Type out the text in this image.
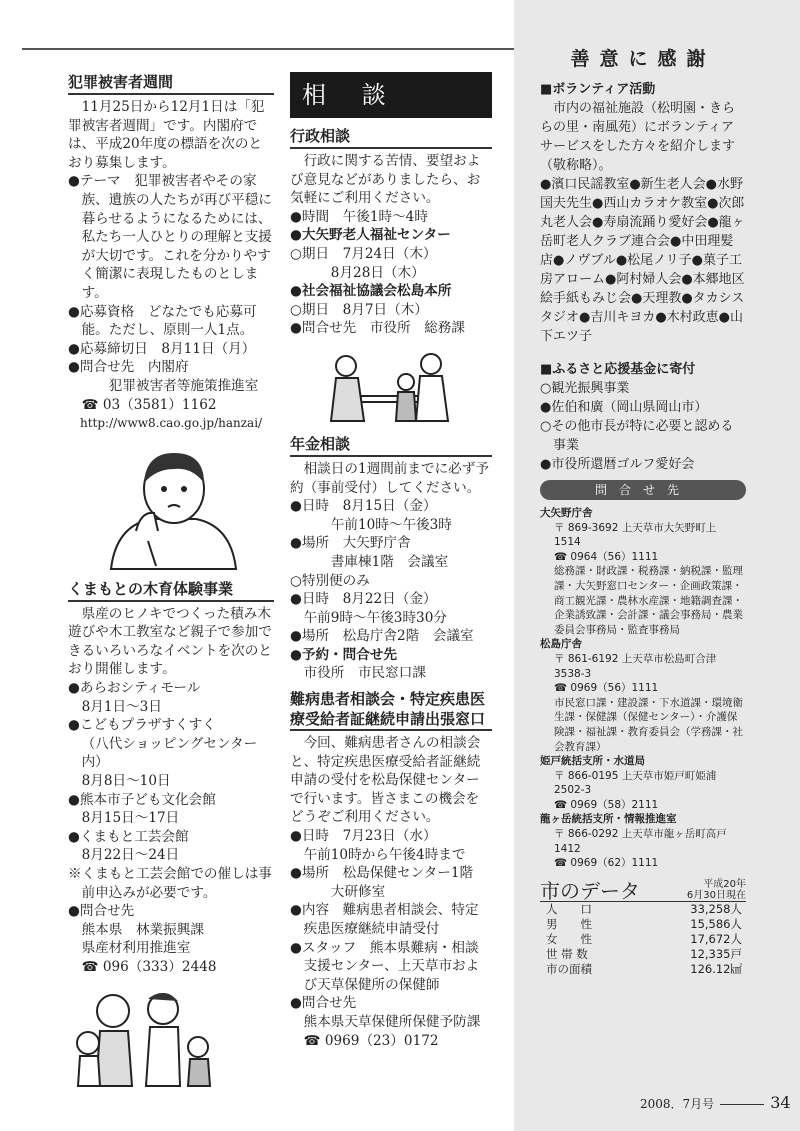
犯罪被害者週間

11月25日から12月1日は「犯罪被害者週間」です。内閣府では、平成20年度の標語を次のとおり募集します。

●テーマ　犯罪被害者やその家族、遺族の人たちが再び平穏に暮らせるようになるためには、私たち一人ひとりの理解と支援が大切です。これを分かりやすく簡潔に表現したものとします。

●応募資格　どなたでも応募可能。ただし、原則一人1点。

●応募締切日　8月11日（月）

●問合せ先　内閣府

犯罪被害者等施策推進室

☎ 03（3581）1162

http://www8.cao.go.jp/hanzai/

くまもとの木育体験事業

県産のヒノキでつくった積み木遊びや木工教室など親子で参加できるいろいろなイベントを次のとおり開催します。

●あらおシティモール

8月1日～3日

●こどもプラザすくすく

（八代ショッピングセンター内）

8月8日～10日

●熊本市子ども文化会館

8月15日～17日

●くまもと工芸会館

8月22日～24日

※くまもと工芸会館での催しは事前申込みが必要です。

●問合せ先

熊本県　林業振興課

県産材利用推進室

☎ 096（333）2448

相 談
行政相談

行政に関する苦情、要望および意見などがありましたら、お気軽にご利用ください。

●時間　午後1時～4時

●大矢野老人福祉センター

○期日　7月24日（木）

8月28日（木）

●社会福祉協議会松島本所

○期日　8月7日（木）

●問合せ先　市役所　総務課

年金相談

相談日の1週間前までに必ず予約（事前受付）してください。

●日時　8月15日（金）

午前10時～午後3時

●場所　大矢野庁舎

書庫棟1階　会議室

○特別便のみ

●日時　8月22日（金）

午前9時～午後3時30分

●場所　松島庁舎2階　会議室

●予約・問合せ先

市役所　市民窓口課

難病患者相談会・特定疾患医療受給者証継続申請出張窓口

今回、難病患者さんの相談会と、特定疾患医療受給者証継続申請の受付を松島保健センターで行います。皆さまこの機会をどうぞご利用ください。

●日時　7月23日（水）

午前10時から午後4時まで

●場所　松島保健センター1階

大研修室

●内容　難病患者相談会、特定疾患医療継続申請受付

●スタッフ　熊本県難病・相談支援センター、上天草市および天草保健所の保健師

●問合せ先

熊本県天草保健所保健予防課

☎ 0969（23）0172

善意に感謝

■ボランティア活動

市内の福祉施設（松明園・きららの里・南風苑）にボランティアサービスをした方々を紹介します（敬称略）。

●濱口民謡教室●新生老人会●水野国夫先生●西山カラオケ教室●次郎丸老人会●寿扇流踊り愛好会●龍ヶ岳町老人クラブ連合会●中田理髪店●ノヴブル●松尾ノリ子●菓子工房アローム●阿村婦人会●本郷地区絵手紙もみじ会●天理教●タカシスタジオ●吉川キヨカ●木村政恵●山下エツ子

■ふるさと応援基金に寄付

○観光振興事業

●佐伯和廣（岡山県岡山市）

○その他市長が特に必要と認める事業

●市役所還暦ゴルフ愛好会

問合せ先
大矢野庁舎
〒 869-3692 上天草市大矢野町上 1514
☎ 0964（56）1111
総務課・財政課・税務課・納税課・監理課・大矢野窓口センター・企画政策課・商工観光課・農林水産課・地籍調査課・企業誘致課・会計課・議会事務局・農業委員会事務局・監査事務局
松島庁舎
〒 861-6192 上天草市松島町合津 3538-3
☎ 0969（56）1111
市民窓口課・建設課・下水道課・環境衛生課・保健課（保健センター）・介護保険課・福祉課・教育委員会（学務課・社会教育課）
姫戸統括支所・水道局
〒 866-0195 上天草市姫戸町姫浦 2502-3
☎ 0969（58）2111
龍ヶ岳統括支所・情報推進室
〒 866-0292 上天草市龍ヶ岳町高戸 1412
☎ 0969（62）1111
市のデータ	平成20年
6月30日現在
人　　口	33,258人
男　　性	15,586人
女　　性	17,672人
世 帯 数	12,335戸
市の面積	126.12㎢
2008．7月号	34
